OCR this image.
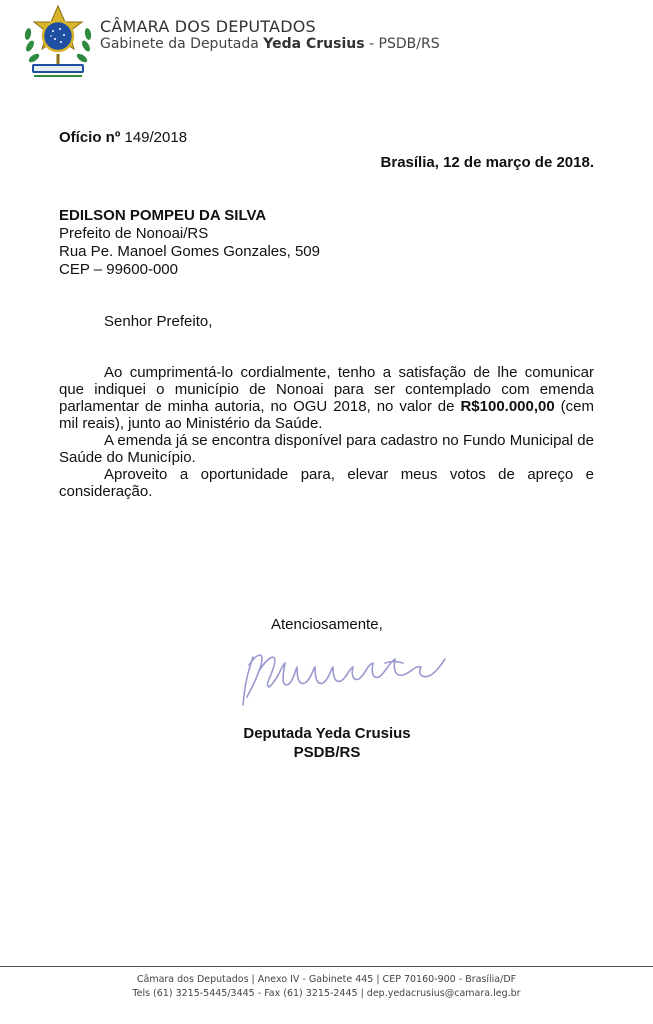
CÂMARA DOS DEPUTADOS
Gabinete da Deputada Yeda Crusius - PSDB/RS
Ofício nº 149/2018
Brasília, 12 de março de 2018.
EDILSON POMPEU DA SILVA
Prefeito de Nonoai/RS
Rua Pe. Manoel Gomes Gonzales, 509
CEP – 99600-000
Senhor Prefeito,

Ao cumprimentá-lo cordialmente, tenho a satisfação de lhe comunicar que indiquei o município de Nonoai para ser contemplado com emenda parlamentar de minha autoria, no OGU 2018, no valor de R$100.000,00 (cem mil reais), junto ao Ministério da Saúde.

A emenda já se encontra disponível para cadastro no Fundo Municipal de Saúde do Município.

Aproveito a oportunidade para, elevar meus votos de apreço e consideração.

Atenciosamente,
Deputada Yeda Crusius
PSDB/RS
Câmara dos Deputados | Anexo IV - Gabinete 445 | CEP 70160-900 - Brasília/DF
Tels (61) 3215-5445/3445 - Fax (61) 3215-2445 | dep.yedacrusius@camara.leg.br
